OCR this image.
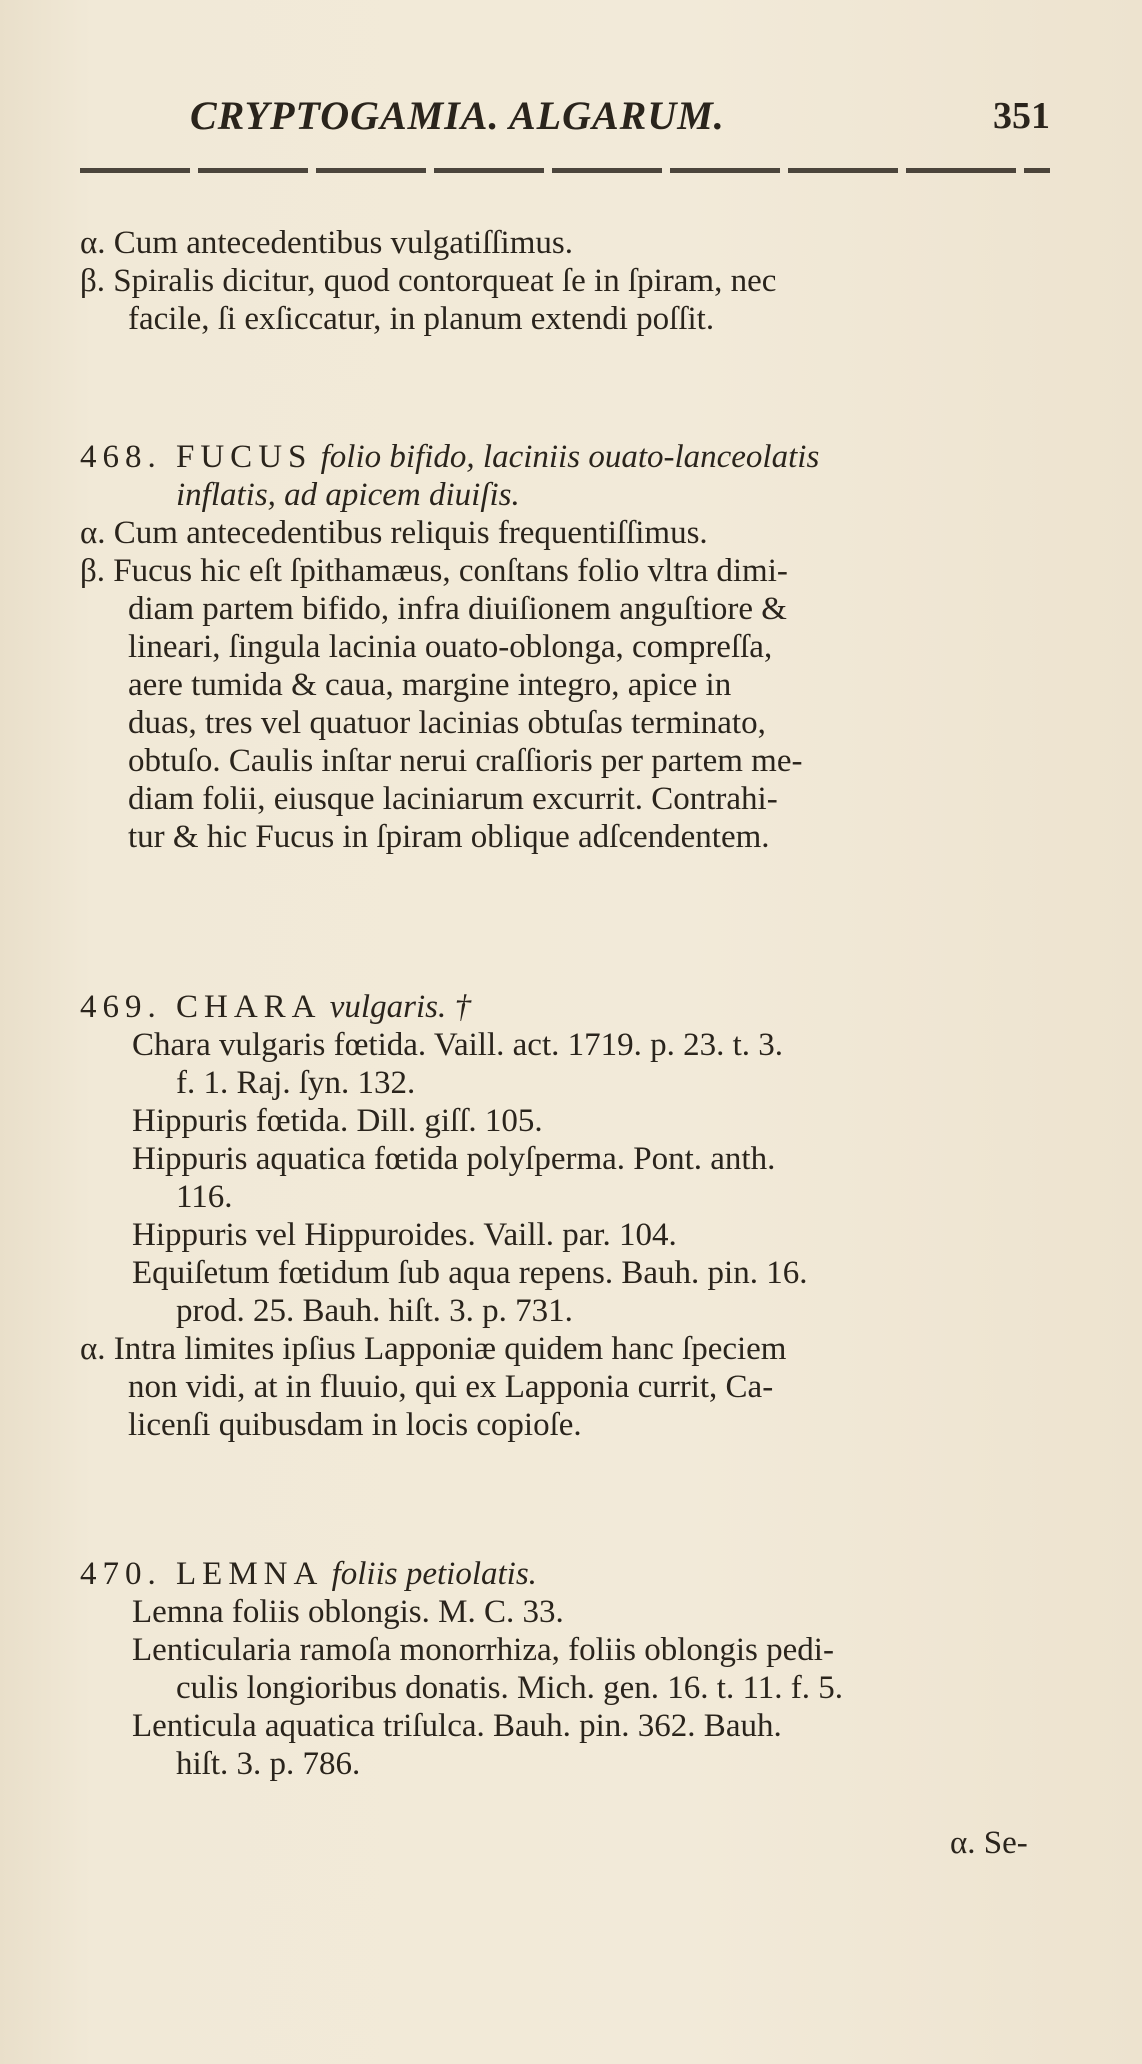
CRYPTOGAMIA. ALGARUM.	351
α. Cum antecedentibus vulgatiſſimus.
β. Spiralis dicitur, quod contorqueat ſe in ſpiram, nec
facile, ſi exſiccatur, in planum extendi poſſit.
468. FUCUS folio bifido, laciniis ouato-lanceolatis
inflatis, ad apicem diuiſis.
α. Cum antecedentibus reliquis frequentiſſimus.
β. Fucus hic eſt ſpithamæus, conſtans folio vltra dimi-
diam partem bifido, infra diuiſionem anguſtiore &
lineari, ſingula lacinia ouato-oblonga, compreſſa,
aere tumida & caua, margine integro, apice in
duas, tres vel quatuor lacinias obtuſas terminato,
obtuſo. Caulis inſtar nerui craſſioris per partem me-
diam folii, eiusque laciniarum excurrit. Contrahi-
tur & hic Fucus in ſpiram oblique adſcendentem.
469. CHARA vulgaris. †
Chara vulgaris fœtida. Vaill. act. 1719. p. 23. t. 3.
f. 1. Raj. ſyn. 132.
Hippuris fœtida. Dill. giſſ. 105.
Hippuris aquatica fœtida polyſperma. Pont. anth.
116.
Hippuris vel Hippuroides. Vaill. par. 104.
Equiſetum fœtidum ſub aqua repens. Bauh. pin. 16.
prod. 25. Bauh. hiſt. 3. p. 731.
α. Intra limites ipſius Lapponiæ quidem hanc ſpeciem
non vidi, at in fluuio, qui ex Lapponia currit, Ca-
licenſi quibusdam in locis copioſe.
470. LEMNA foliis petiolatis.
Lemna foliis oblongis. M. C. 33.
Lenticularia ramoſa monorrhiza, foliis oblongis pedi-
culis longioribus donatis. Mich. gen. 16. t. 11. f. 5.
Lenticula aquatica triſulca. Bauh. pin. 362. Bauh.
hiſt. 3. p. 786.
α. Se-
